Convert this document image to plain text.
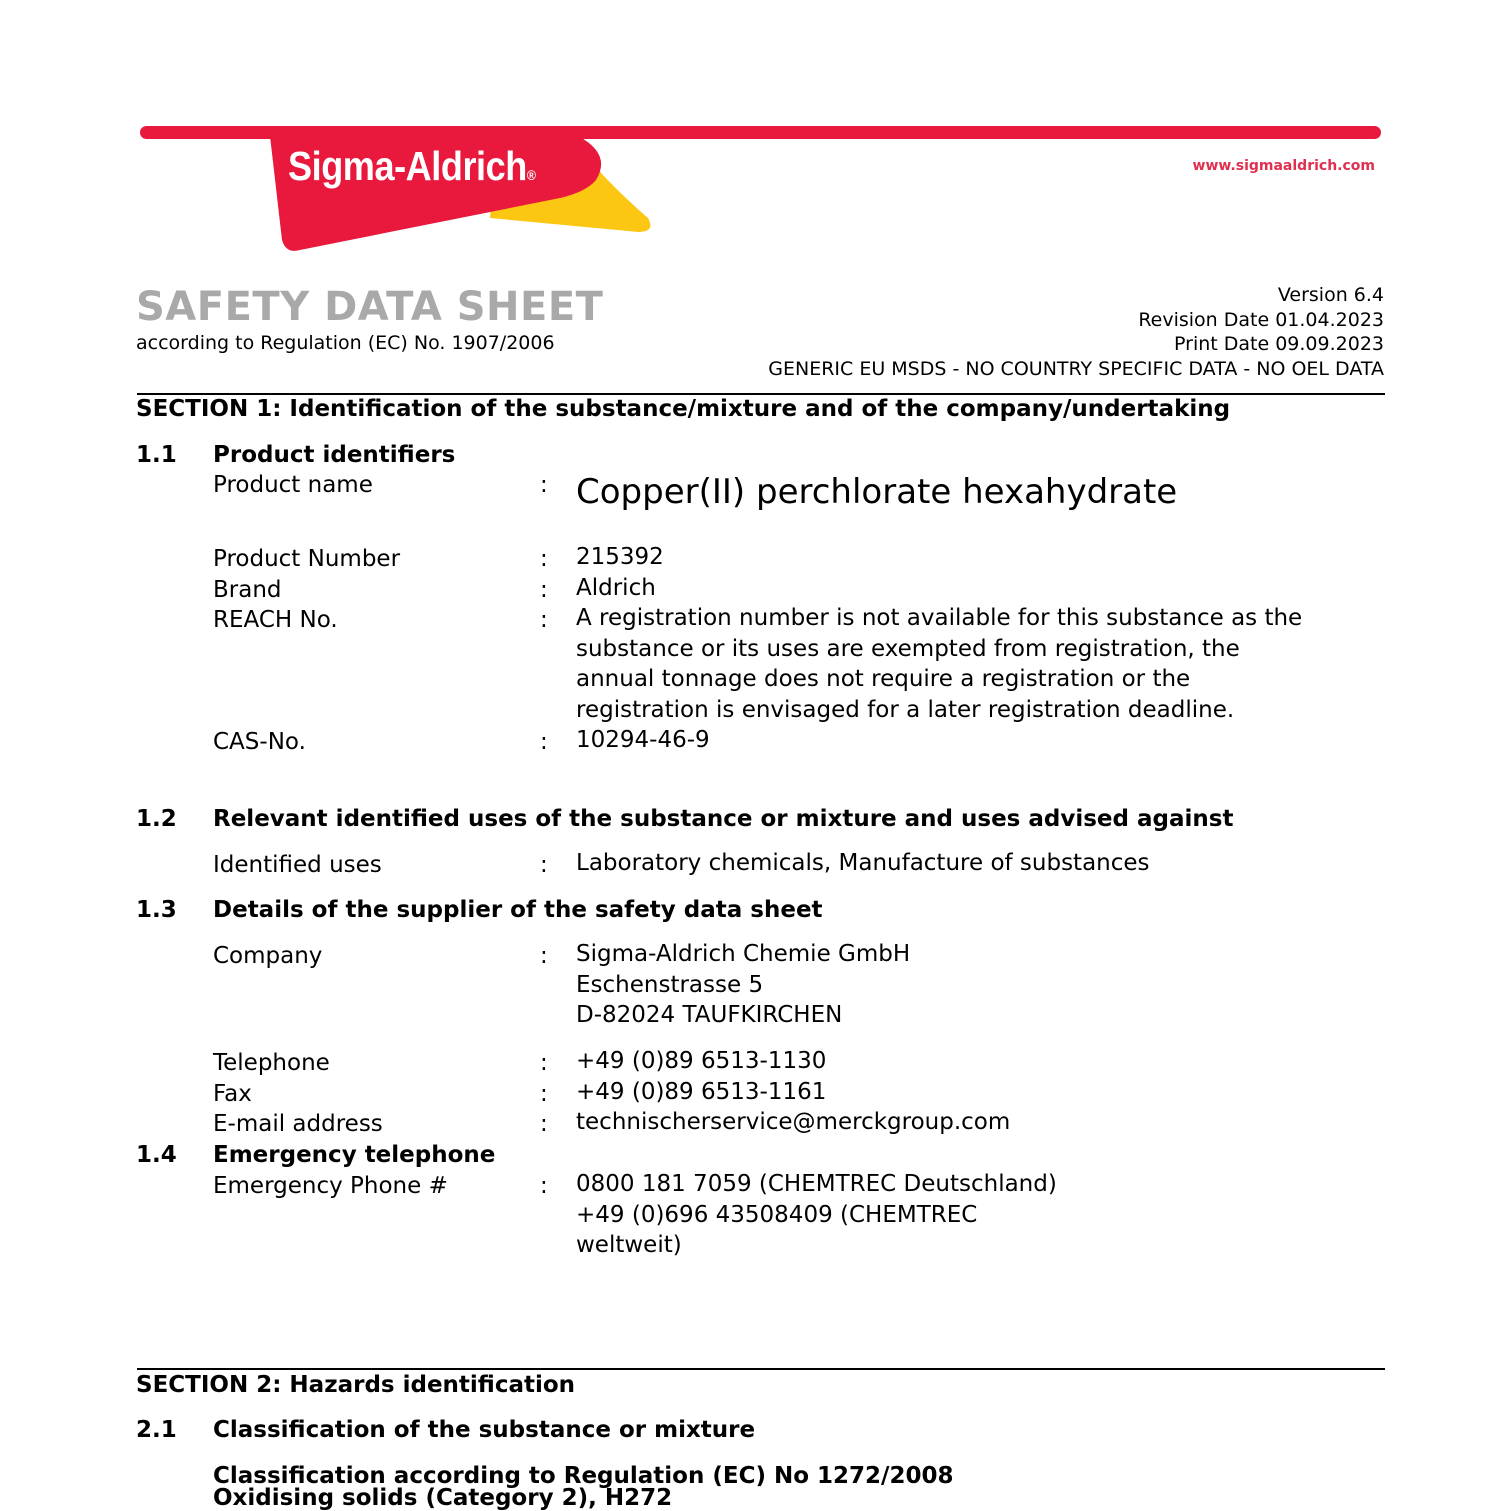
Sigma-Aldrich®
www.sigmaaldrich.com
SAFETY DATA SHEET
according to Regulation (EC) No. 1907/2006
Version 6.4
Revision Date 01.04.2023
Print Date 09.09.2023
GENERIC EU MSDS - NO COUNTRY SPECIFIC DATA - NO OEL DATA
SECTION 1: Identification of the substance/mixture and of the company/undertaking
1.1 Product identifiers
Product name	: Copper(II) perchlorate hexahydrate
Product Number	: 215392
Brand	: Aldrich
REACH No.	: A registration number is not available for this substance as the
substance or its uses are exempted from registration, the
annual tonnage does not require a registration or the
registration is envisaged for a later registration deadline.
CAS-No.	: 10294-46-9
1.2 Relevant identified uses of the substance or mixture and uses advised against
Identified uses	: Laboratory chemicals, Manufacture of substances
1.3 Details of the supplier of the safety data sheet
Company	: Sigma-Aldrich Chemie GmbH
Eschenstrasse 5
D-82024 TAUFKIRCHEN
Telephone	: +49 (0)89 6513-1130
Fax	: +49 (0)89 6513-1161
E-mail address	: technischerservice@merckgroup.com
1.4 Emergency telephone
Emergency Phone #	: 0800 181 7059 (CHEMTREC Deutschland)
+49 (0)696 43508409 (CHEMTREC
weltweit)
SECTION 2: Hazards identification
2.1 Classification of the substance or mixture
Classification according to Regulation (EC) No 1272/2008
Oxidising solids (Category 2), H272
